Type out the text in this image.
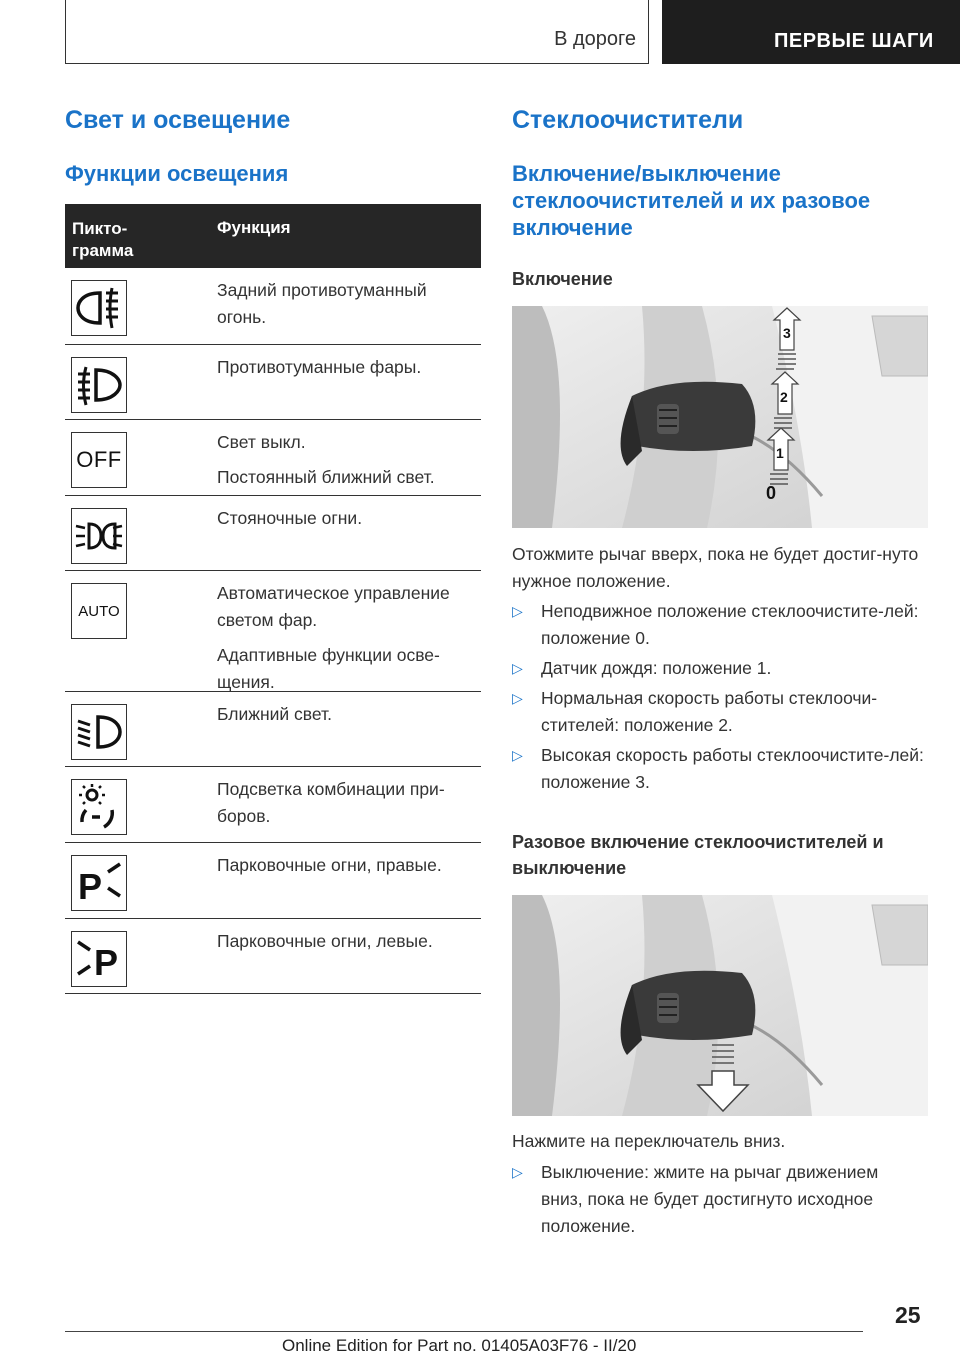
В дороге	ПЕРВЫЕ ШАГИ
Свет и освещение
Функции освещения
Пикто-
грамма
Функция

Задний противотуманный огонь.

Противотуманные фары.

OFF

Свет выкл.

Постоянный ближний свет.

Стояночные огни.

AUTO

Автоматическое управление светом фар.

Адаптивные функции осве-щения.

Ближний свет.

Подсветка комбинации при-боров.

P

Парковочные огни, правые.

P

Парковочные огни, левые.

Стеклоочистители
Включение/выключение стеклоочистителей и их разовое включение
Включение
3
2
1
0
Отожмите рычаг вверх, пока не будет достиг-нуто нужное положение.
▷ Неподвижное положение стеклоочистите-лей: положение 0.
▷ Датчик дождя: положение 1.
▷ Нормальная скорость работы стеклоочи-стителей: положение 2.
▷ Высокая скорость работы стеклоочистите-лей: положение 3.
Разовое включение стеклоочистителей и выключение
Нажмите на переключатель вниз.
▷ Выключение: жмите на рычаг движением вниз, пока не будет достигнуто исходное положение.
25
Online Edition for Part no. 01405A03F76 - II/20
